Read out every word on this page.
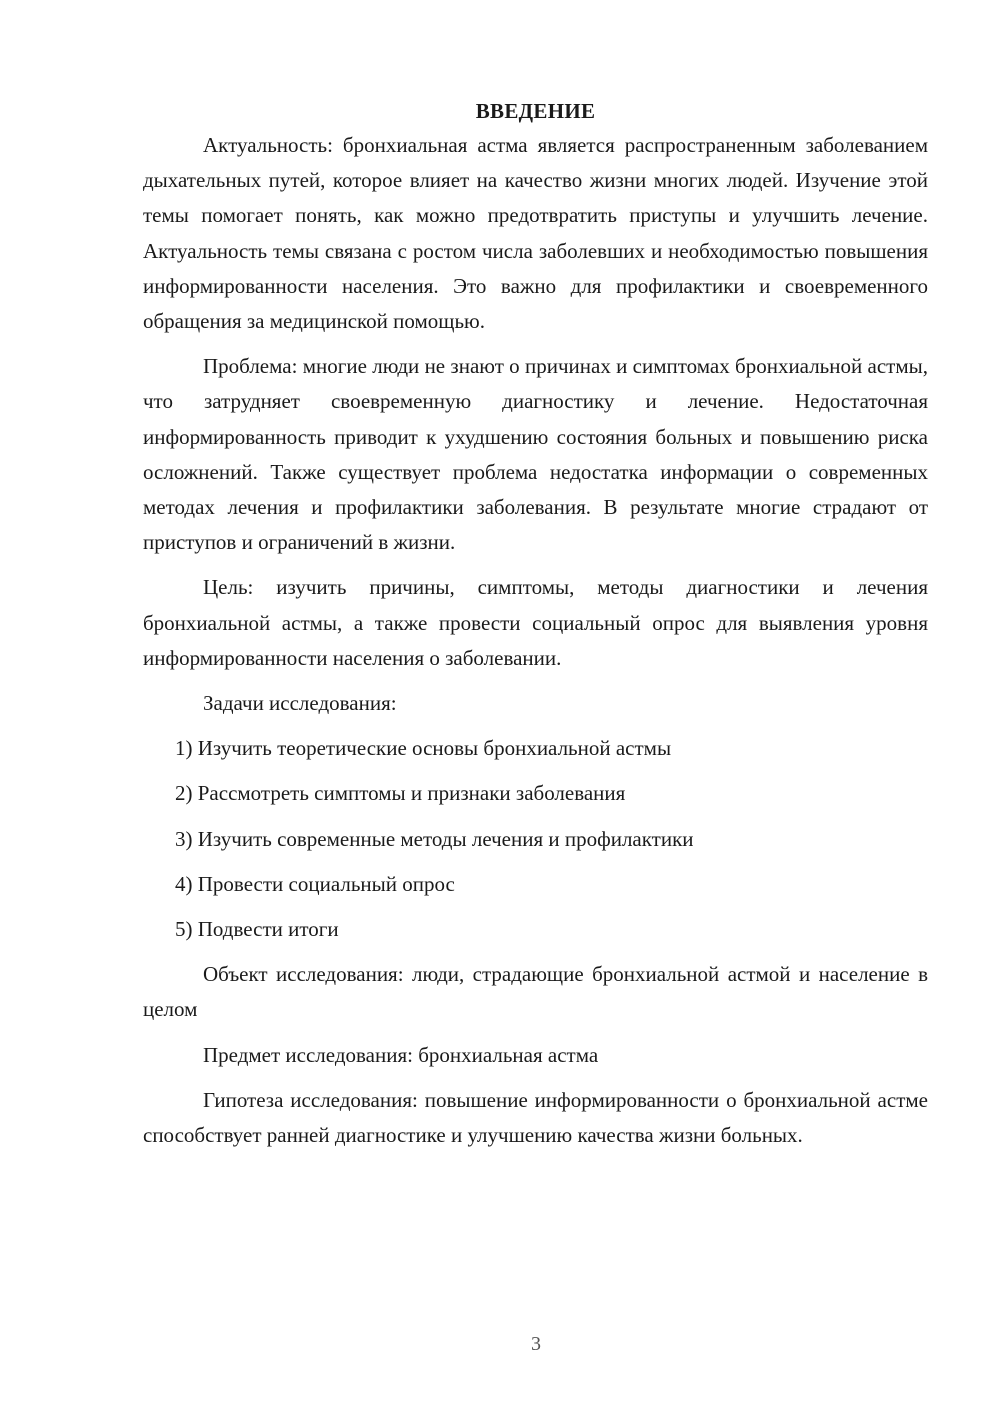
ВВЕДЕНИЕ

Актуальность: бронхиальная астма является распространенным заболеванием дыхательных путей, которое влияет на качество жизни многих людей. Изучение этой темы помогает понять, как можно предотвратить приступы и улучшить лечение. Актуальность темы связана с ростом числа заболевших и необходимостью повышения информированности населения. Это важно для профилактики и своевременного обращения за медицинской помощью.

Проблема: многие люди не знают о причинах и симптомах бронхиальной астмы, что затрудняет своевременную диагностику и лечение. Недостаточная информированность приводит к ухудшению состояния больных и повышению риска осложнений. Также существует проблема недостатка информации о современных методах лечения и профилактики заболевания. В результате многие страдают от приступов и ограничений в жизни.

Цель: изучить причины, симптомы, методы диагностики и лечения бронхиальной астмы, а также провести социальный опрос для выявления уровня информированности населения о заболевании.

Задачи исследования:

1) Изучить теоретические основы бронхиальной астмы
2) Рассмотреть симптомы и признаки заболевания
3) Изучить современные методы лечения и профилактики
4) Провести социальный опрос
5) Подвести итоги

Объект исследования: люди, страдающие бронхиальной астмой и население в целом

Предмет исследования: бронхиальная астма

Гипотеза исследования: повышение информированности о бронхиальной астме способствует ранней диагностике и улучшению качества жизни больных.

3
